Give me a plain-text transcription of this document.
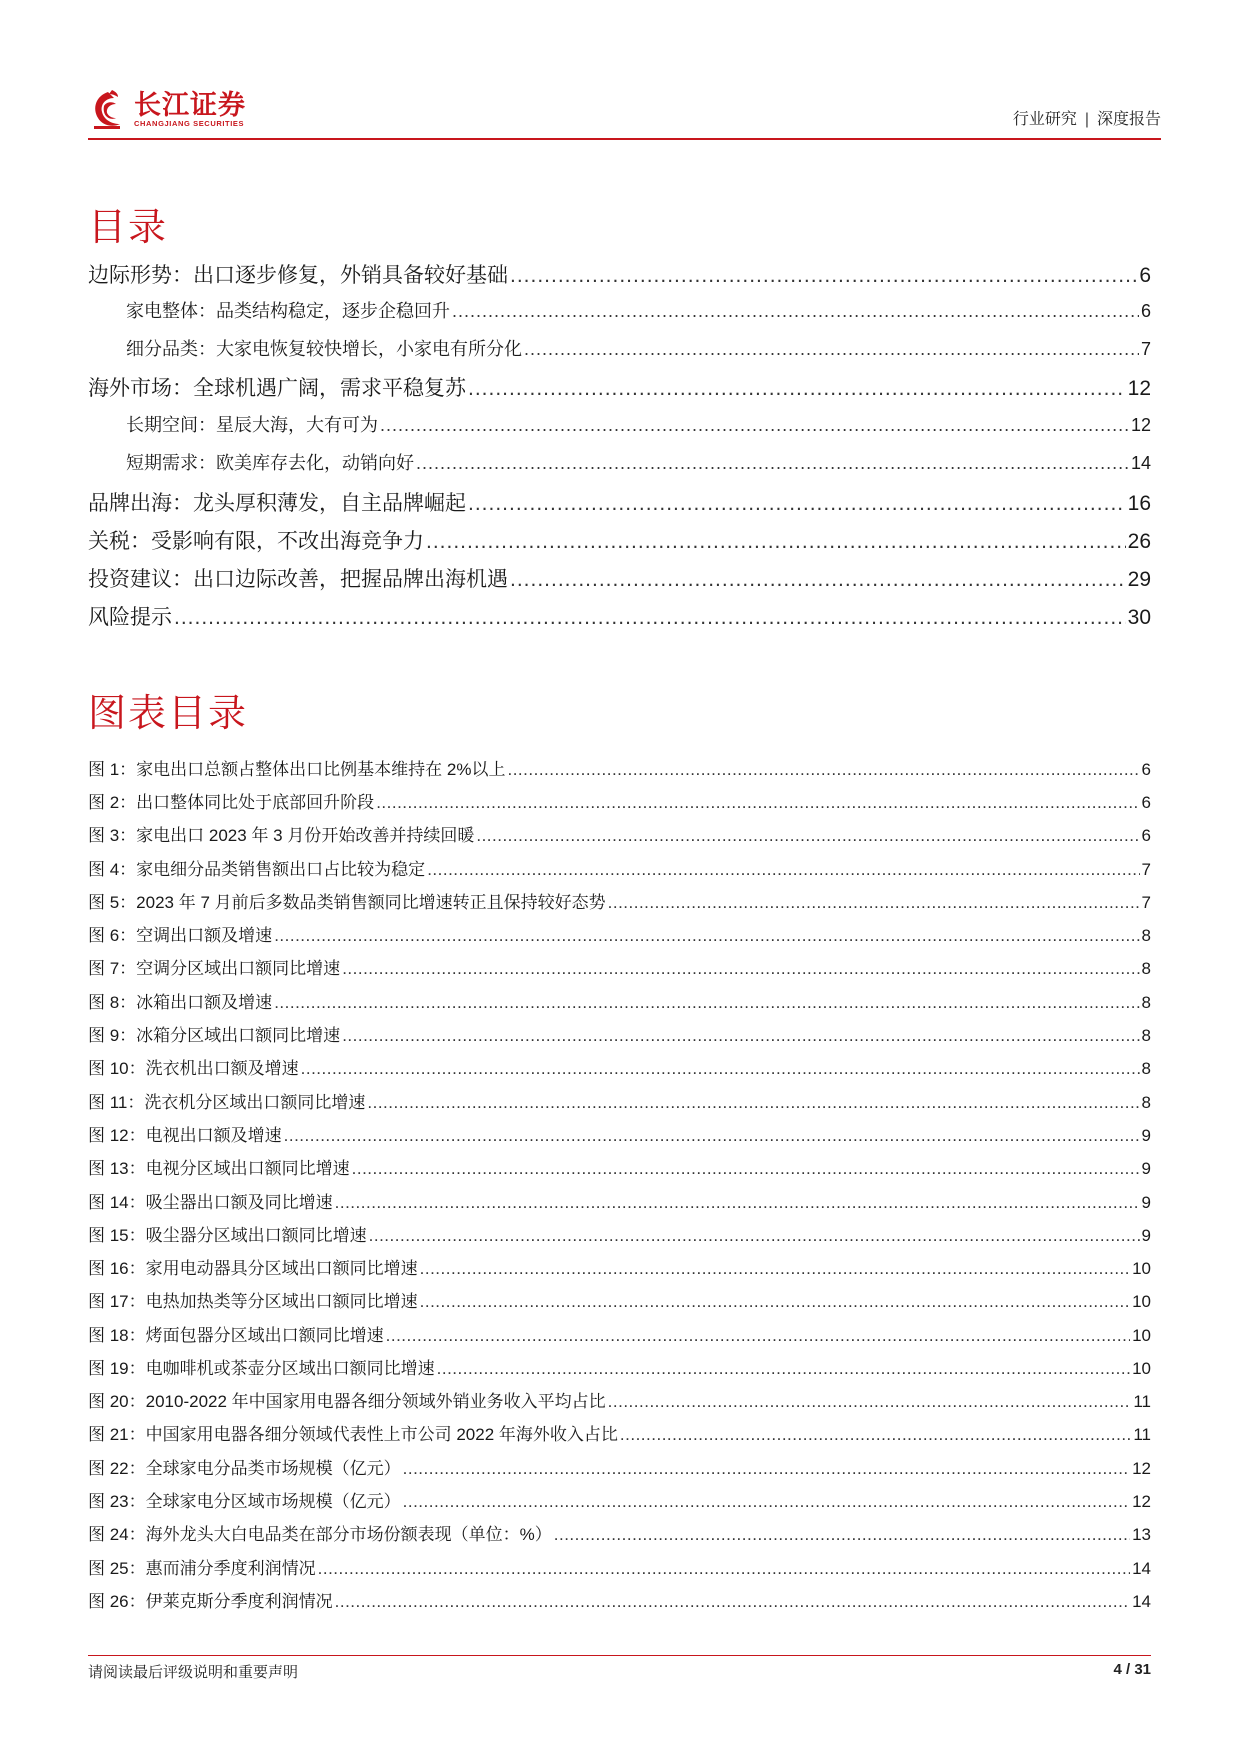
长江证券
CHANGJIANG SECURITIES	行业研究 | 深度报告
目录
边际形势：出口逐步修复，外销具备较好基础 .....	6
家电整体：品类结构稳定，逐步企稳回升 .....	6
细分品类：大家电恢复较快增长，小家电有所分化 .....	7
海外市场：全球机遇广阔，需求平稳复苏 .....	12
长期空间：星辰大海，大有可为 .....	12
短期需求：欧美库存去化，动销向好 .....	14
品牌出海：龙头厚积薄发，自主品牌崛起 .....	16
关税：受影响有限，不改出海竞争力 .....	26
投资建议：出口边际改善，把握品牌出海机遇 .....	29
风险提示 .....	30
图表目录
图 1：家电出口总额占整体出口比例基本维持在 2%以上 .....	6
图 2：出口整体同比处于底部回升阶段 .....	6
图 3：家电出口 2023 年 3 月份开始改善并持续回暖 .....	6
图 4：家电细分品类销售额出口占比较为稳定 .....	7
图 5：2023 年 7 月前后多数品类销售额同比增速转正且保持较好态势 .....	7
图 6：空调出口额及增速 .....	8
图 7：空调分区域出口额同比增速 .....	8
图 8：冰箱出口额及增速 .....	8
图 9：冰箱分区域出口额同比增速 .....	8
图 10：洗衣机出口额及增速 .....	8
图 11：洗衣机分区域出口额同比增速 .....	8
图 12：电视出口额及增速 .....	9
图 13：电视分区域出口额同比增速 .....	9
图 14：吸尘器出口额及同比增速 .....	9
图 15：吸尘器分区域出口额同比增速 .....	9
图 16：家用电动器具分区域出口额同比增速 .....	10
图 17：电热加热类等分区域出口额同比增速 .....	10
图 18：烤面包器分区域出口额同比增速 .....	10
图 19：电咖啡机或茶壶分区域出口额同比增速 .....	10
图 20：2010-2022 年中国家用电器各细分领域外销业务收入平均占比 .....	11
图 21：中国家用电器各细分领域代表性上市公司 2022 年海外收入占比 .....	11
图 22：全球家电分品类市场规模（亿元） .....	12
图 23：全球家电分区域市场规模（亿元） .....	12
图 24：海外龙头大白电品类在部分市场份额表现（单位：%） .....	13
图 25：惠而浦分季度利润情况 .....	14
图 26：伊莱克斯分季度利润情况 .....	14
请阅读最后评级说明和重要声明	4 / 31
